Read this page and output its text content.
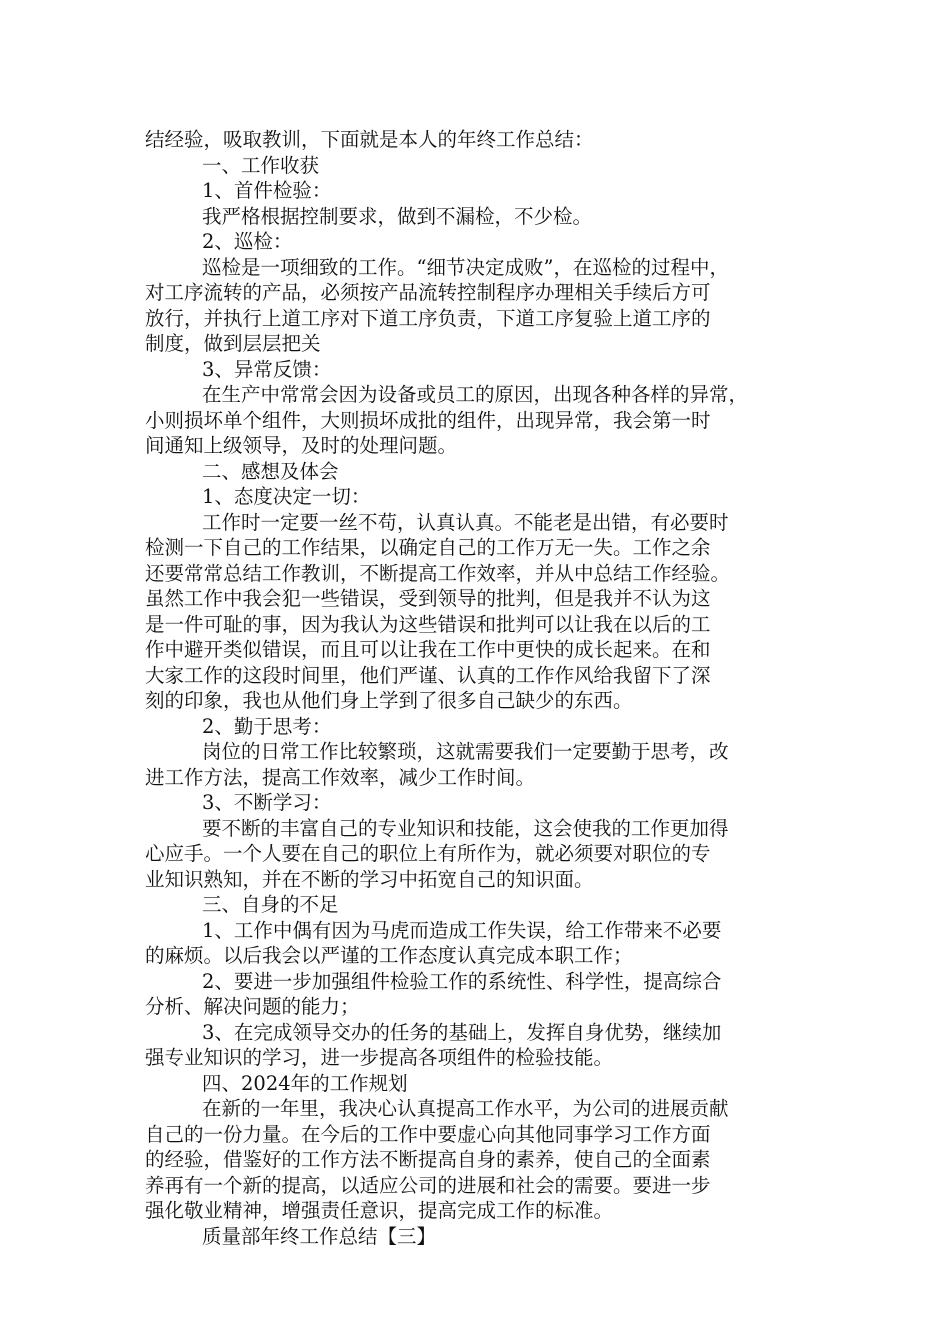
结经验，吸取教训，下面就是本人的年终工作总结：
一、工作收获
1、首件检验：
我严格根据控制要求，做到不漏检，不少检。
2、巡检：
巡检是一项细致的工作。“细节决定成败”，在巡检的过程中，
对工序流转的产品，必须按产品流转控制程序办理相关手续后方可
放行，并执行上道工序对下道工序负责，下道工序复验上道工序的
制度，做到层层把关
3、异常反馈：
在生产中常常会因为设备或员工的原因，出现各种各样的异常，
小则损坏单个组件，大则损坏成批的组件，出现异常，我会第一时
间通知上级领导，及时的处理问题。
二、感想及体会
1、态度决定一切：
工作时一定要一丝不苟，认真认真。不能老是出错，有必要时
检测一下自己的工作结果，以确定自己的工作万无一失。工作之余
还要常常总结工作教训，不断提高工作效率，并从中总结工作经验。
虽然工作中我会犯一些错误，受到领导的批判，但是我并不认为这
是一件可耻的事，因为我认为这些错误和批判可以让我在以后的工
作中避开类似错误，而且可以让我在工作中更快的成长起来。在和
大家工作的这段时间里，他们严谨、认真的工作作风给我留下了深
刻的印象，我也从他们身上学到了很多自己缺少的东西。
2、勤于思考：
岗位的日常工作比较繁琐，这就需要我们一定要勤于思考，改
进工作方法，提高工作效率，减少工作时间。
3、不断学习：
要不断的丰富自己的专业知识和技能，这会使我的工作更加得
心应手。一个人要在自己的职位上有所作为，就必须要对职位的专
业知识熟知，并在不断的学习中拓宽自己的知识面。
三、自身的不足
1、工作中偶有因为马虎而造成工作失误，给工作带来不必要
的麻烦。以后我会以严谨的工作态度认真完成本职工作；
2、要进一步加强组件检验工作的系统性、科学性，提高综合
分析、解决问题的能力；
3、在完成领导交办的任务的基础上，发挥自身优势，继续加
强专业知识的学习，进一步提高各项组件的检验技能。
四、2024年的工作规划
在新的一年里，我决心认真提高工作水平，为公司的进展贡献
自己的一份力量。在今后的工作中要虚心向其他同事学习工作方面
的经验，借鉴好的工作方法不断提高自身的素养，使自己的全面素
养再有一个新的提高，以适应公司的进展和社会的需要。要进一步
强化敬业精神，增强责任意识，提高完成工作的标准。
质量部年终工作总结【三】
